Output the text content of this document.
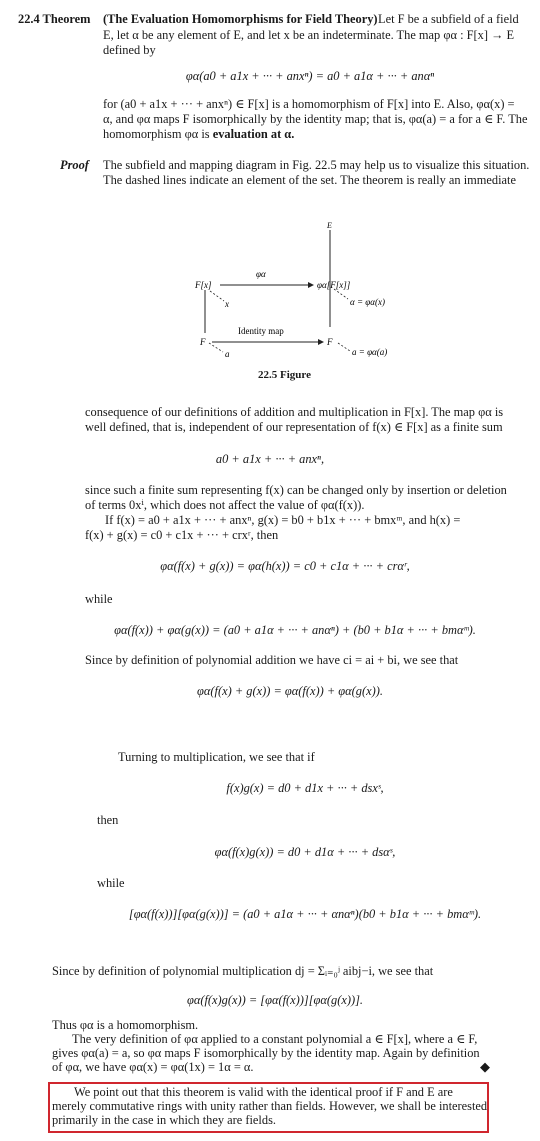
22.4 Theorem (The Evaluation Homomorphisms for Field Theory) Let F be a subfield of a field
E, let α be any element of E, and let x be an indeterminate. The map φα : F[x] → E
defined by
φα(a0 + a1x + ··· + anxⁿ) = a0 + a1α + ··· + anαⁿ
for (a0 + a1x + ··· + anxⁿ) ∈ F[x] is a homomorphism of F[x] into E. Also, φα(x) =
α, and φα maps F isomorphically by the identity map; that is, φα(a) = a for a ∈ F. The
homomorphism φα is evaluation at α.
Proof The subfield and mapping diagram in Fig. 22.5 may help us to visualize this situation.
The dashed lines indicate an element of the set. The theorem is really an immediate
E
F[x]
φα
φα[F[x]]
x	α = φα(x)
Identity map
F	F
a	a = φα(a)
22.5 Figure
consequence of our definitions of addition and multiplication in F[x]. The map φα is
well defined, that is, independent of our representation of f(x) ∈ F[x] as a finite sum
a0 + a1x + ··· + anxⁿ,
since such a finite sum representing f(x) can be changed only by insertion or deletion
of terms 0xⁱ, which does not affect the value of φα(f(x)).
If f(x) = a0 + a1x + ··· + anxⁿ, g(x) = b0 + b1x + ··· + bmxᵐ, and h(x) =
f(x) + g(x) = c0 + c1x + ··· + crxʳ, then
φα(f(x) + g(x)) = φα(h(x)) = c0 + c1α + ··· + crαʳ,
while
φα(f(x)) + φα(g(x)) = (a0 + a1α + ··· + anαⁿ) + (b0 + b1α + ··· + bmαᵐ).
Since by definition of polynomial addition we have ci = ai + bi, we see that
φα(f(x) + g(x)) = φα(f(x)) + φα(g(x)).
Turning to multiplication, we see that if
f(x)g(x) = d0 + d1x + ··· + dsxˢ,
then
φα(f(x)g(x)) = d0 + d1α + ··· + dsαˢ,
while
[φα(f(x))][φα(g(x))] = (a0 + a1α + ··· + αnαⁿ)(b0 + b1α + ··· + bmαᵐ).
Since by definition of polynomial multiplication dj = Σᵢ₌₀ʲ aibj−i, we see that
φα(f(x)g(x)) = [φα(f(x))][φα(g(x))].
Thus φα is a homomorphism.
The very definition of φα applied to a constant polynomial a ∈ F[x], where a ∈ F,
gives φα(a) = a, so φα maps F isomorphically by the identity map. Again by definition
of φα, we have φα(x) = φα(1x) = 1α = α.	◆
We point out that this theorem is valid with the identical proof if F and E are
merely commutative rings with unity rather than fields. However, we shall be interested
primarily in the case in which they are fields.
